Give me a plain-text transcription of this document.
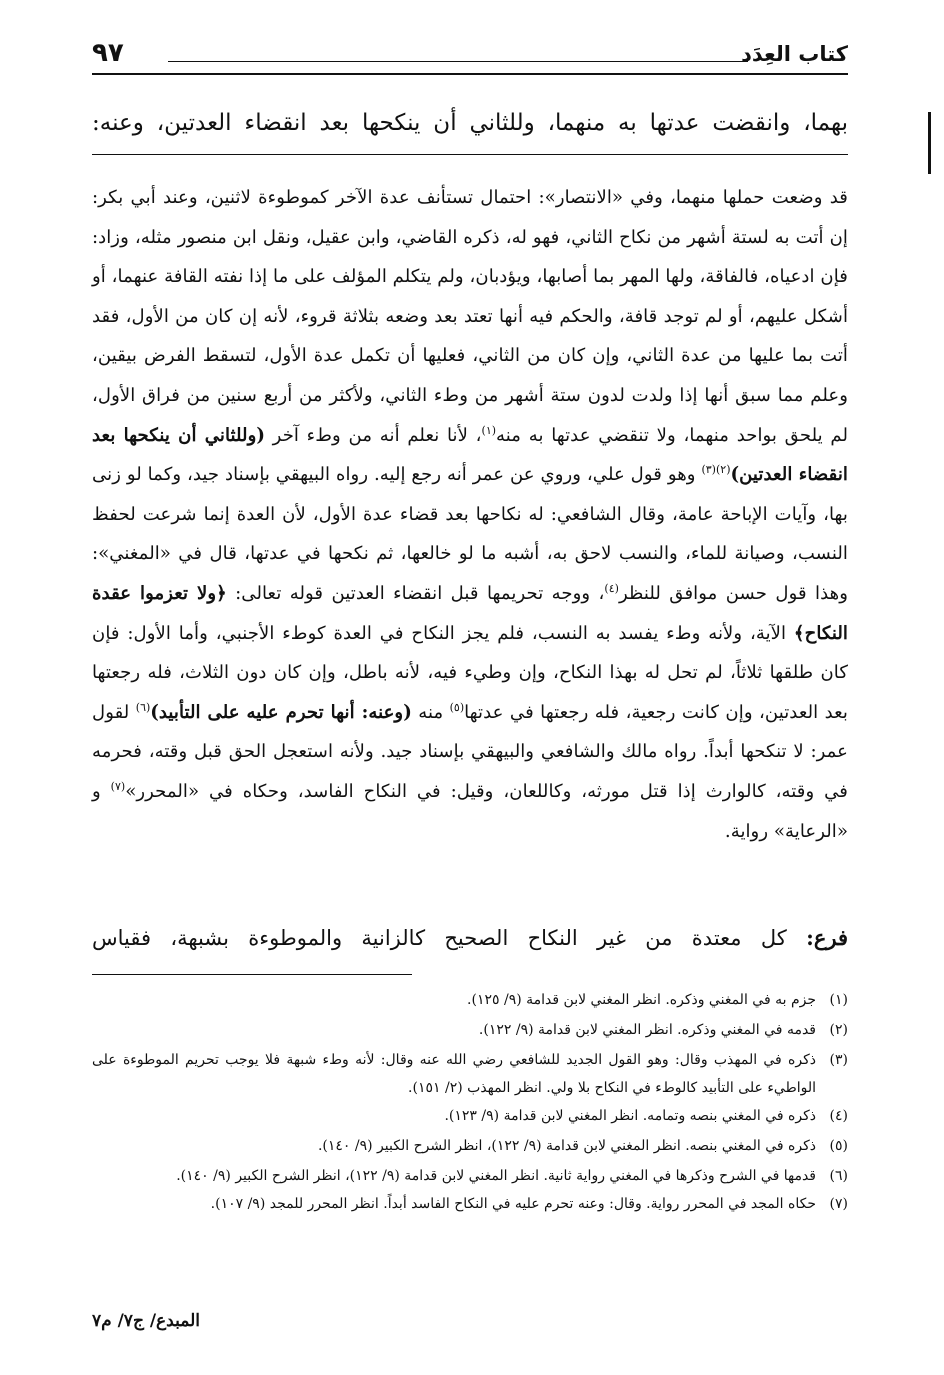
كتاب العِدَد
٩٧
بهما، وانقضت عدتها به منهما، وللثاني أن ينكحها بعد انقضاء العدتين، وعنه:
قد وضعت حملها منهما، وفي «الانتصار»: احتمال تستأنف عدة الآخر كموطوءة لاثنين، وعند أبي بكر: إن أتت به لستة أشهر من نكاح الثاني، فهو له، ذكره القاضي، وابن عقيل، ونقل ابن منصور مثله، وزاد: فإن ادعياه، فالفاقة، ولها المهر بما أصابها، ويؤدبان، ولم يتكلم المؤلف على ما إذا نفته القافة عنهما، أو أشكل عليهم، أو لم توجد قافة، والحكم فيه أنها تعتد بعد وضعه بثلاثة قروء، لأنه إن كان من الأول، فقد أتت بما عليها من عدة الثاني، وإن كان من الثاني، فعليها أن تكمل عدة الأول، لتسقط الفرض بيقين، وعلم مما سبق أنها إذا ولدت لدون ستة أشهر من وطء الثاني، ولأكثر من أربع سنين من فراق الأول، لم يلحق بواحد منهما، ولا تنقضي عدتها به منه$^{(١)}$، لأنا نعلم أنه من وطء آخر (وللثاني أن ينكحها بعد انقضاء العدتين)$^{(٢)(٣)}$ وهو قول علي، وروي عن عمر أنه رجع إليه. رواه البيهقي بإسناد جيد، وكما لو زنى بها، وآيات الإباحة عامة، وقال الشافعي: له نكاحها بعد قضاء عدة الأول، لأن العدة إنما شرعت لحفظ النسب، وصيانة للماء، والنسب لاحق به، أشبه ما لو خالعها، ثم نكحها في عدتها، قال في «المغني»: وهذا قول حسن موافق للنظر$^{(٤)}$، ووجه تحريمها قبل انقضاء العدتين قوله تعالى: ﴿ولا تعزموا عقدة النكاح﴾ الآية، ولأنه وطء يفسد به النسب، فلم يجز النكاح في العدة كوطء الأجنبي، وأما الأول: فإن كان طلقها ثلاثاً، لم تحل له بهذا النكاح، وإن وطيء فيه، لأنه باطل، وإن كان دون الثلاث، فله رجعتها بعد العدتين، وإن كانت رجعية، فله رجعتها في عدتها$^{(٥)}$ منه (وعنه: أنها تحرم عليه على التأبيد)$^{(٦)}$ لقول عمر: لا تنكحها أبداً. رواه مالك والشافعي والبيهقي بإسناد جيد. ولأنه استعجل الحق قبل وقته، فحرمه في وقته، كالوارث إذا قتل مورثه، وكاللعان، وقيل: في النكاح الفاسد، وحكاه في «المحرر»$^{(٧)}$ و «الرعاية» رواية.
فرع: كل معتدة من غير النكاح الصحيح كالزانية والموطوءة بشبهة، فقياس
(١)
جزم به في المغني وذكره. انظر المغني لابن قدامة (٩/ ١٢٥).
(٢)
قدمه في المغني وذكره. انظر المغني لابن قدامة (٩/ ١٢٢).
(٣)
ذكره في المهذب وقال: وهو القول الجديد للشافعي رضي الله عنه وقال: لأنه وطء شبهة فلا يوجب تحريم الموطوءة على الواطيء على التأبيد كالوطء في النكاح بلا ولي. انظر المهذب (٢/ ١٥١).
(٤)
ذكره في المغني بنصه وتمامه. انظر المغني لابن قدامة (٩/ ١٢٣).
(٥)
ذكره في المغني بنصه. انظر المغني لابن قدامة (٩/ ١٢٢)، انظر الشرح الكبير (٩/ ١٤٠).
(٦)
قدمها في الشرح وذكرها في المغني رواية ثانية. انظر المغني لابن قدامة (٩/ ١٢٢)، انظر الشرح الكبير (٩/ ١٤٠).
(٧)
حكاه المجد في المحرر رواية. وقال: وعنه تحرم عليه في النكاح الفاسد أبداً. انظر المحرر للمجد (٩/ ١٠٧).
المبدع/ ج٧/ م٧
